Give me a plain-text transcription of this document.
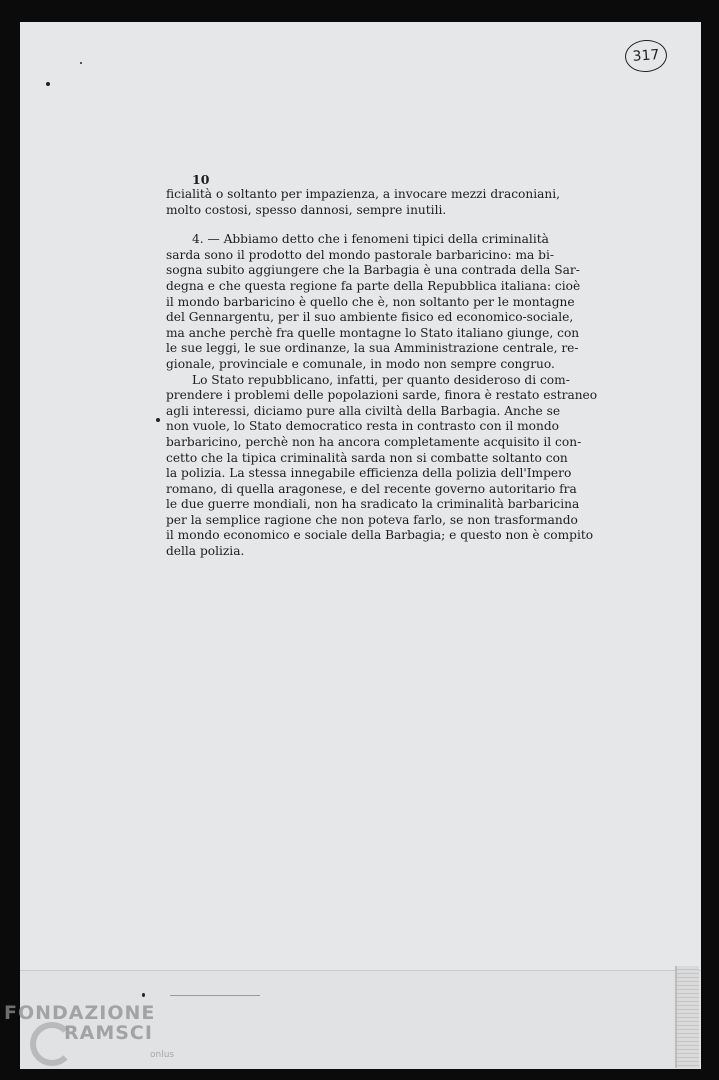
317
10
ficialità o soltanto per impazienza, a invocare mezzi draconiani,
molto costosi, spesso dannosi, sempre inutili.
4. — Abbiamo detto che i fenomeni tipici della criminalità
sarda sono il prodotto del mondo pastorale barbaricino: ma bi-
sogna subito aggiungere che la Barbagia è una contrada della Sar-
degna e che questa regione fa parte della Repubblica italiana: cioè
il mondo barbaricino è quello che è, non soltanto per le montagne
del Gennargentu, per il suo ambiente fisico ed economico-sociale,
ma anche perchè fra quelle montagne lo Stato italiano giunge, con
le sue leggi, le sue ordinanze, la sua Amministrazione centrale, re-
gionale, provinciale e comunale, in modo non sempre congruo.
Lo Stato repubblicano, infatti, per quanto desideroso di com-
prendere i problemi delle popolazioni sarde, finora è restato estraneo
agli interessi, diciamo pure alla civiltà della Barbagia. Anche se
non vuole, lo Stato democratico resta in contrasto con il mondo
barbaricino, perchè non ha ancora completamente acquisito il con-
cetto che la tipica criminalità sarda non si combatte soltanto con
la polizia. La stessa innegabile efficienza della polizia dell'Impero
romano, di quella aragonese, e del recente governo autoritario fra
le due guerre mondiali, non ha sradicato la criminalità barbaricina
per la semplice ragione che non poteva farlo, se non trasformando
il mondo economico e sociale della Barbagia; e questo non è compito
della polizia.
FONDAZIONE
RAMSCI
onlus
